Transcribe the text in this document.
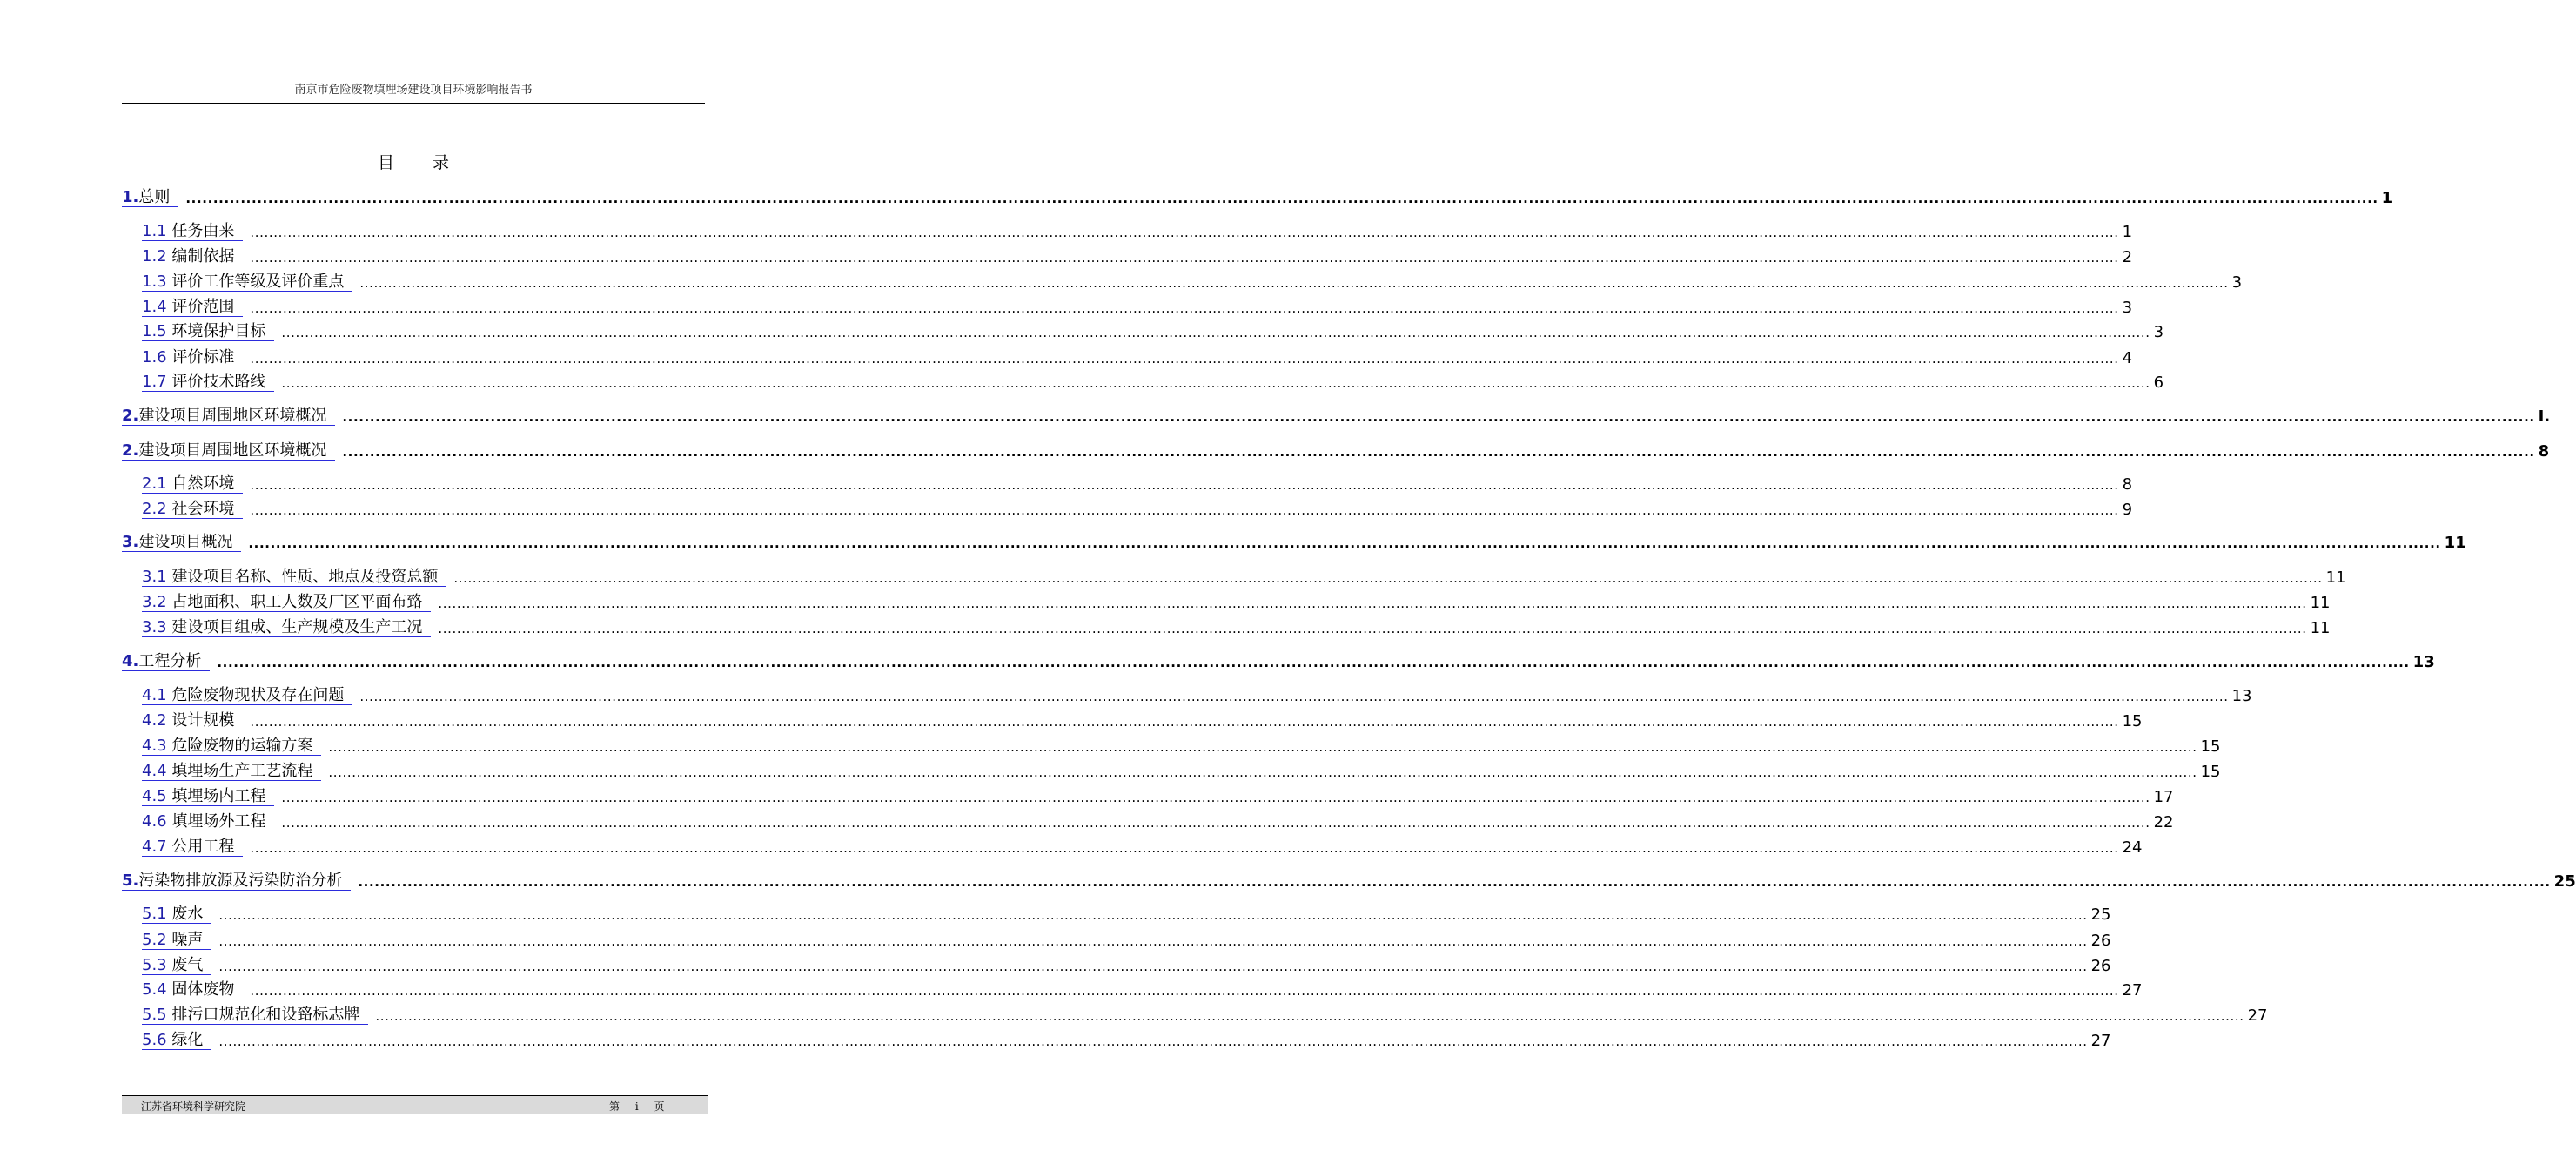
南京市危险废物填埋场建设项目环境影响报告书
目录
1.总则	................................................................................................................................................................................................................................................................................................................................................................................................................ 1
1.1 任务由来	................................................................................................................................................................................................................................................................................................................................................................................................................ 1
1.2 编制依据	................................................................................................................................................................................................................................................................................................................................................................................................................ 2
1.3 评价工作等级及评价重点	................................................................................................................................................................................................................................................................................................................................................................................................................ 3
1.4 评价范围	................................................................................................................................................................................................................................................................................................................................................................................................................ 3
1.5 环境保护目标	................................................................................................................................................................................................................................................................................................................................................................................................................ 3
1.6 评价标准	................................................................................................................................................................................................................................................................................................................................................................................................................ 4
1.7 评价技术路线	................................................................................................................................................................................................................................................................................................................................................................................................................ 6
2.建设项目周围地区环境概况	................................................................................................................................................................................................................................................................................................................................................................................................................ I.
2.建设项目周围地区环境概况	................................................................................................................................................................................................................................................................................................................................................................................................................ 8
2.1 自然环境	................................................................................................................................................................................................................................................................................................................................................................................................................ 8
2.2 社会环境	................................................................................................................................................................................................................................................................................................................................................................................................................ 9
3.建设项目概况	................................................................................................................................................................................................................................................................................................................................................................................................................ 11
3.1 建设项目名称、性质、地点及投资总额	................................................................................................................................................................................................................................................................................................................................................................................................................ 11
3.2 占地面积、职工人数及厂区平面布臵	................................................................................................................................................................................................................................................................................................................................................................................................................ 11
3.3 建设项目组成、生产规模及生产工况	................................................................................................................................................................................................................................................................................................................................................................................................................ 11
4.工程分析	................................................................................................................................................................................................................................................................................................................................................................................................................ 13
4.1 危险废物现状及存在问题	................................................................................................................................................................................................................................................................................................................................................................................................................ 13
4.2 设计规模	................................................................................................................................................................................................................................................................................................................................................................................................................ 15
4.3 危险废物的运输方案	................................................................................................................................................................................................................................................................................................................................................................................................................ 15
4.4 填埋场生产工艺流程	................................................................................................................................................................................................................................................................................................................................................................................................................ 15
4.5 填埋场内工程	................................................................................................................................................................................................................................................................................................................................................................................................................ 17
4.6 填埋场外工程	................................................................................................................................................................................................................................................................................................................................................................................................................ 22
4.7 公用工程	................................................................................................................................................................................................................................................................................................................................................................................................................ 24
5.污染物排放源及污染防治分析	................................................................................................................................................................................................................................................................................................................................................................................................................ 25
5.1 废水	................................................................................................................................................................................................................................................................................................................................................................................................................ 25
5.2 噪声	................................................................................................................................................................................................................................................................................................................................................................................................................ 26
5.3 废气	................................................................................................................................................................................................................................................................................................................................................................................................................ 26
5.4 固体废物	................................................................................................................................................................................................................................................................................................................................................................................................................ 27
5.5 排污口规范化和设臵标志牌	................................................................................................................................................................................................................................................................................................................................................................................................................ 27
5.6 绿化	................................................................................................................................................................................................................................................................................................................................................................................................................ 27
江苏省环境科学研究院	第 i 页
